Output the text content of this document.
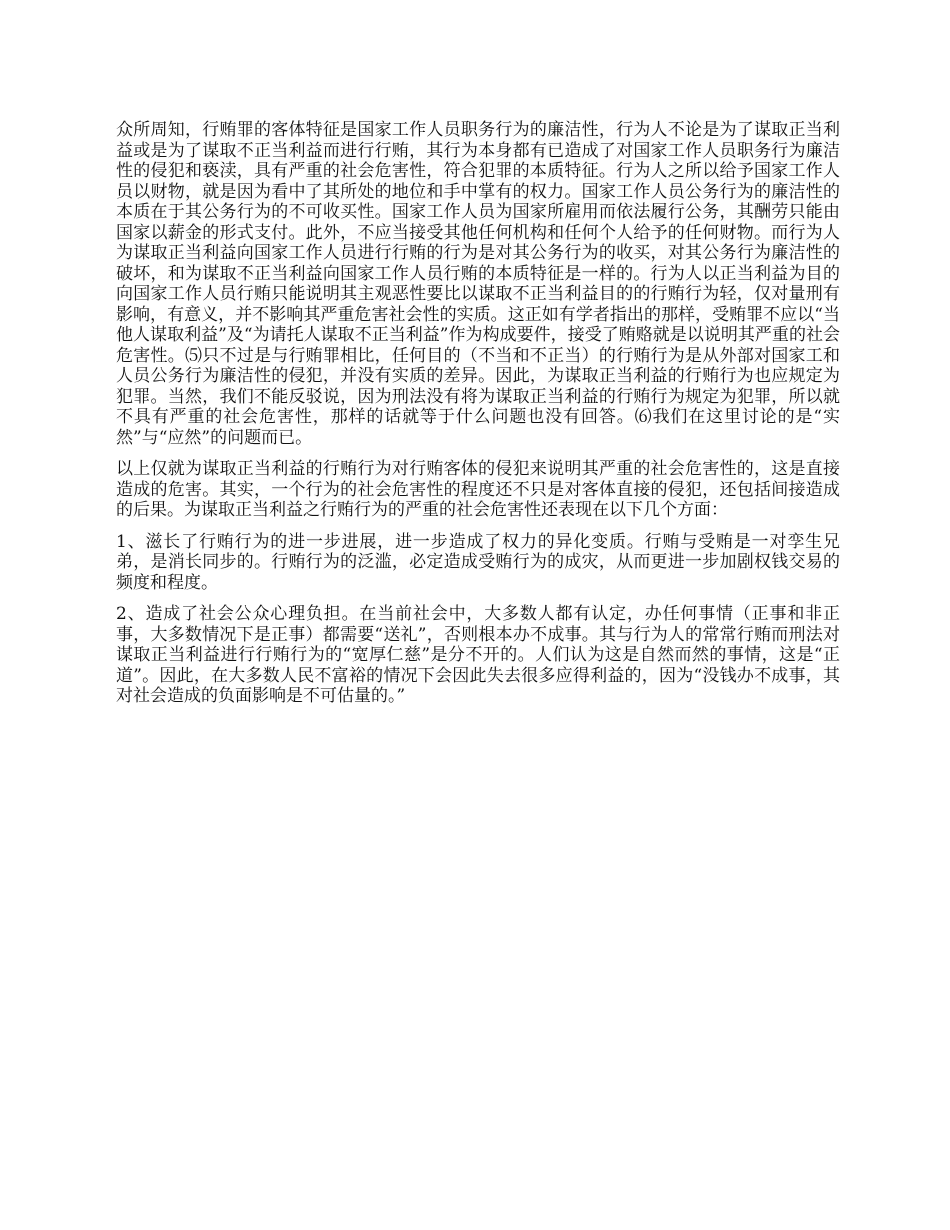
众所周知，行贿罪的客体特征是国家工作人员职务行为的廉洁性，行为人不论是为了谋取正当利益或是为了谋取不正当利益而进行行贿，其行为本身都有已造成了对国家工作人员职务行为廉洁性的侵犯和亵渎，具有严重的社会危害性，符合犯罪的本质特征。行为人之所以给予国家工作人员以财物，就是因为看中了其所处的地位和手中掌有的权力。国家工作人员公务行为的廉洁性的本质在于其公务行为的不可收买性。国家工作人员为国家所雇用而依法履行公务，其酬劳只能由国家以薪金的形式支付。此外，不应当接受其他任何机构和任何个人给予的任何财物。而行为人为谋取正当利益向国家工作人员进行行贿的行为是对其公务行为的收买，对其公务行为廉洁性的破坏，和为谋取不正当利益向国家工作人员行贿的本质特征是一样的。行为人以正当利益为目的向国家工作人员行贿只能说明其主观恶性要比以谋取不正当利益目的的行贿行为轻，仅对量刑有影响，有意义，并不影响其严重危害社会性的实质。这正如有学者指出的那样，受贿罪不应以“当他人谋取利益”及“为请托人谋取不正当利益”作为构成要件，接受了贿赂就是以说明其严重的社会危害性。⑸只不过是与行贿罪相比，任何目的（不当和不正当）的行贿行为是从外部对国家工和人员公务行为廉洁性的侵犯，并没有实质的差异。因此，为谋取正当利益的行贿行为也应规定为犯罪。当然，我们不能反驳说，因为刑法没有将为谋取正当利益的行贿行为规定为犯罪，所以就不具有严重的社会危害性，那样的话就等于什么问题也没有回答。⑹我们在这里讨论的是“实然”与“应然”的问题而已。

以上仅就为谋取正当利益的行贿行为对行贿客体的侵犯来说明其严重的社会危害性的，这是直接造成的危害。其实，一个行为的社会危害性的程度还不只是对客体直接的侵犯，还包括间接造成的后果。为谋取正当利益之行贿行为的严重的社会危害性还表现在以下几个方面：

1、滋长了行贿行为的进一步进展，进一步造成了权力的异化变质。行贿与受贿是一对孪生兄弟，是消长同步的。行贿行为的泛滥，必定造成受贿行为的成灾，从而更进一步加剧权钱交易的频度和程度。

2、造成了社会公众心理负担。在当前社会中，大多数人都有认定，办任何事情（正事和非正事，大多数情况下是正事）都需要“送礼”，否则根本办不成事。其与行为人的常常行贿而刑法对谋取正当利益进行行贿行为的“宽厚仁慈”是分不开的。人们认为这是自然而然的事情，这是“正道”。因此，在大多数人民不富裕的情况下会因此失去很多应得利益的，因为“没钱办不成事，其对社会造成的负面影响是不可估量的。”
